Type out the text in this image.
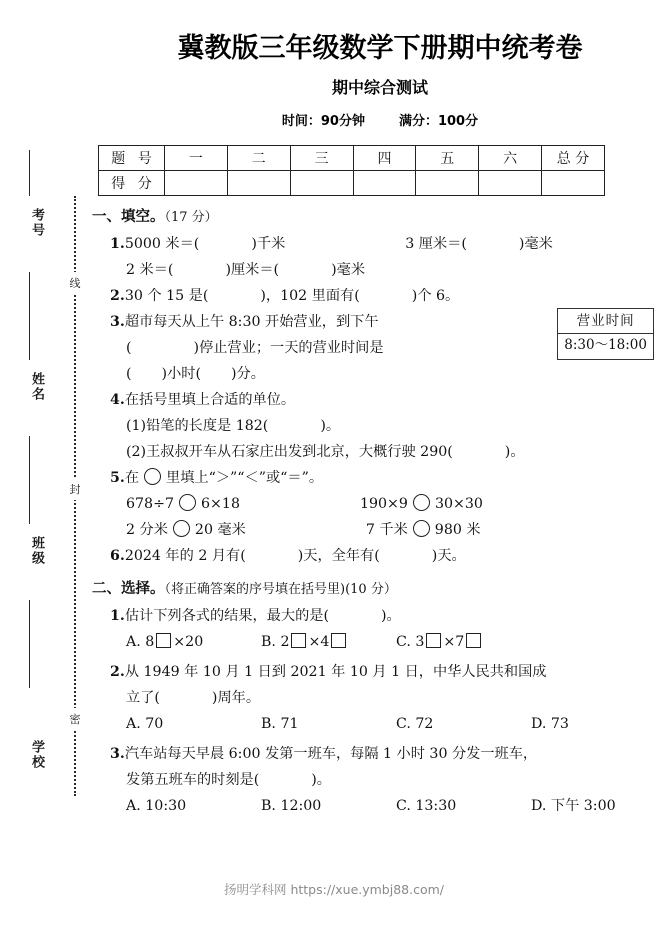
考号
姓名
班级
学校
线
封
密
冀教版三年级数学下册期中统考卷
期中综合测试
时间：90分钟	满分：100分
题 号	一	二	三	四	五	六	总 分
得 分							
营业时间
8:30～18:00
一、填空。（17 分）
1.5000 米＝(	)千米	3 厘米＝(	)毫米
2 米＝(	)厘米＝(	)毫米
2.30 个 15 是(	)，102 里面有(	)个 6。
3.超市每天从上午 8:30 开始营业，到下午
(	)停止营业；一天的营业时间是
( )小时( )分。
4.在括号里填上合适的单位。
(1)铅笔的长度是 182(	)。
(2)王叔叔开车从石家庄出发到北京，大概行驶 290(	)。
5.在 里填上“＞”“＜”或“＝”。
678÷7 6×18	190×9 30×30
2 分米 20 毫米	7 千米 980 米
6.2024 年的 2 月有(	)天，全年有(	)天。
二、选择。（将正确答案的序号填在括号里)(10 分）
1.估计下列各式的结果，最大的是(	)。
A. 8 ×20	B. 2 ×4	C. 3 ×7
2.从 1949 年 10 月 1 日到 2021 年 10 月 1 日，中华人民共和国成
立了(	)周年。
A. 70	B. 71	C. 72	D. 73
3.汽车站每天早晨 6:00 发第一班车，每隔 1 小时 30 分发一班车，
发第五班车的时刻是(	)。
A. 10:30	B. 12:00	C. 13:30	D. 下午 3:00
扬明学科网 https://xue.ymbj88.com/
